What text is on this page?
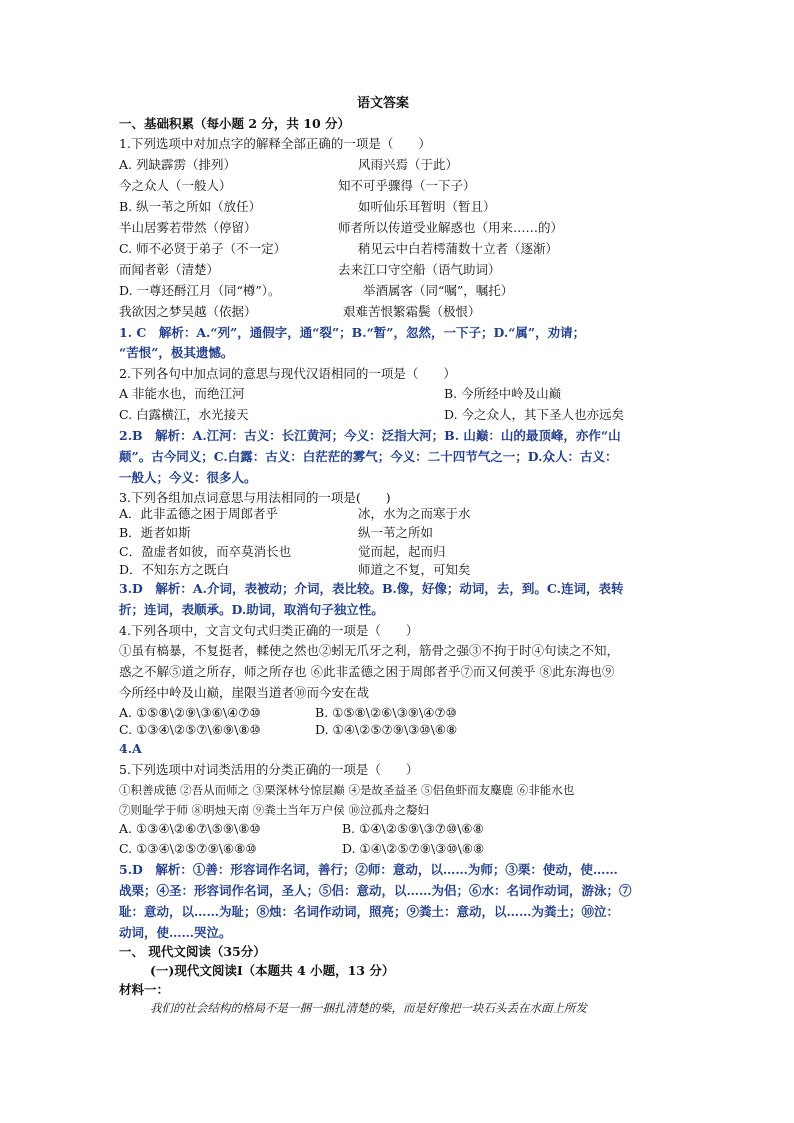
语文答案
一、基础积累（每小题 2 分，共 10 分）
1.下列选项中对加点字的解释全部正确的一项是（　　）
A. 列缺霹雳（排列）	风雨兴焉（于此）
今之众人（一般人）	知不可乎骤得（一下子）
B. 纵一苇之所如（放任）	如听仙乐耳暂明（暂且）
半山居雾若带然（停留）	师者所以传道受业解惑也（用来……的）
C. 师不必贤于弟子（不一定）	稍见云中白若樗蒲数十立者（逐渐）
而闻者彰（清楚）	去来江口守空船（语气助词）
D. 一尊还酹江月（同“樽”）。	举酒属客（同“嘱”，嘱托）
我欲因之梦吴越（依据）	艰难苦恨繁霜鬓（极恨）
1. C　解析：A.“列”，通假字，通“裂”；B.“暂”，忽然，一下子；D.“属”，劝请；
“苦恨”，极其遗憾。
2.下列各句中加点词的意思与现代汉语相同的一项是（　　）
A 非能水也，而绝江河	B. 今所经中岭及山巅
C. 白露横江，水光接天	D. 今之众人，其下圣人也亦远矣
2.B　解析：A.江河：古义：长江黄河；今义：泛指大河；B. 山巅：山的最顶峰，亦作“山
颠”。古今同义；C.白露：古义：白茫茫的雾气；今义：二十四节气之一；D.众人：古义：
一般人；今义：很多人。
3.下列各组加点词意思与用法相同的一项是(　　)
A．此非孟德之困于周郎者乎	冰，水为之而寒于水
B．逝者如斯	纵一苇之所如
C．盈虚者如彼，而卒莫消长也	觉而起，起而归
D．不知东方之既白	师道之不复，可知矣
3.D　解析：A.介词，表被动；介词，表比较。B.像，好像；动词，去，到。C.连词，表转
折；连词，表顺承。D.助词，取消句子独立性。
4.下列各项中，文言文句式归类正确的一项是（　　）
①虽有槁暴，不复挺者，輮使之然也②蚓无爪牙之利，筋骨之强③不拘于时④句读之不知，
惑之不解⑤道之所存，师之所存也 ⑥此非孟德之困于周郎者乎⑦而又何羡乎 ⑧此东海也⑨
今所经中岭及山巅，崖限当道者⑩而今安在哉
A. ①⑤⑧\②⑨\③⑥\④⑦⑩	B. ①⑤⑧\②⑥\③⑨\④⑦⑩
C. ①③④\②⑤⑦\⑥⑨\⑧⑩	D. ①④\②⑤⑦⑨\③⑩\⑥⑧
4.A
5.下列选项中对词类活用的分类正确的一项是（　　）
①积善成德 ②吾从而师之 ③栗深林兮惊层巅 ④是故圣益圣 ⑤侣鱼虾而友麋鹿 ⑥非能水也
⑦则耻学于师 ⑧明烛天南 ⑨粪土当年万户侯 ⑩泣孤舟之嫠妇
A. ①③④\②⑥⑦\⑤⑨\⑧⑩	B. ①④\②⑤⑨\③⑦⑩\⑥⑧
C. ①③④\②⑤⑦⑨\⑥⑧⑩	D. ①④\②⑤⑦⑨\③⑩\⑥⑧
5.D　解析：①善：形容词作名词，善行；②师：意动，以……为师；③栗：使动，使……
战栗；④圣：形容词作名词，圣人；⑤侣：意动，以……为侣；⑥水：名词作动词，游泳；⑦
耻：意动，以……为耻；⑧烛：名词作动词，照亮；⑨粪土：意动，以……为粪土；⑩泣：
动词，使……哭泣。
一、 现代文阅读（35分）
(一)现代文阅读Ⅰ（本题共 4 小题，13 分）
材料一：
我们的社会结构的格局不是一捆一捆扎清楚的柴，而是好像把一块石头丢在水面上所发
